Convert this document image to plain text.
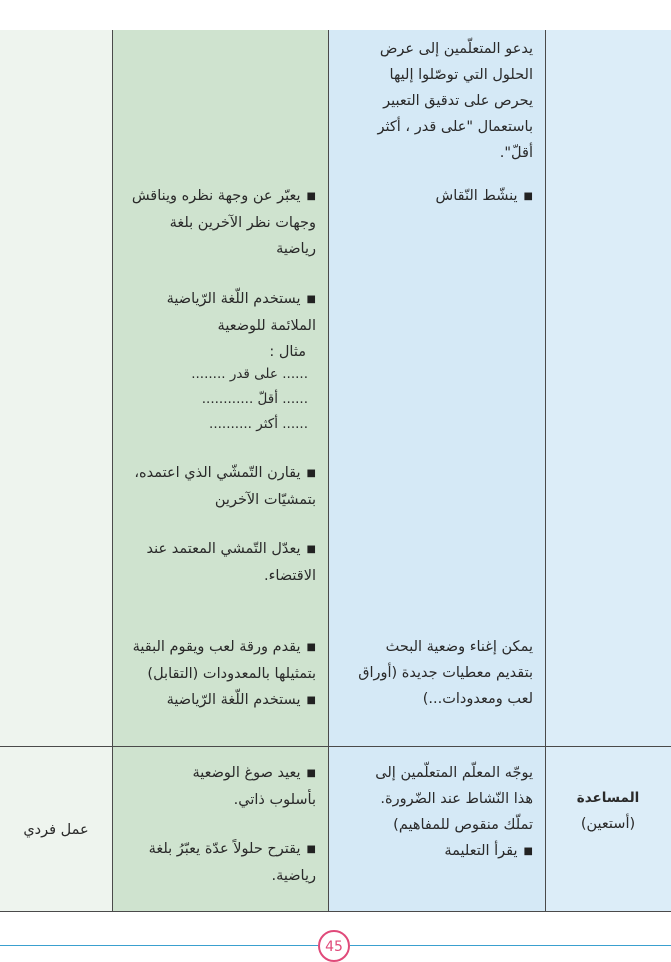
يدعو المتعلّمين إلى عرض
الحلول التي توصّلوا إليها
يحرص على تدقيق التعبير
باستعمال "على قدر ، أكثر
أقلّ".
■ ينشّط النّقاش
يمكن إغناء وضعية البحث
بتقديم معطيات جديدة (أوراق
لعب ومعدودات...)
■ يعبّر عن وجهة نظره ويناقش
وجهات نظر الآخرين بلغة
رياضية
■ يستخدم اللّغة الرّياضية
الملائمة للوضعية
مثال :
...... على قدر ........
...... أقلّ ............
...... أكثر ..........
■ يقارن التّمشّي الذي اعتمده،
بتمشيّات الآخرين
■ يعدّل التّمشي المعتمد عند
الاقتضاء.
■ يقدم ورقة لعب ويقوم البقية
بتمثيلها بالمعدودات (التقابل)
■ يستخدم اللّغة الرّياضية
المساعدة
(أستعين)
يوجّه المعلّم المتعلّمين إلى
هذا النّشاط عند الضّرورة.
تملّك منقوص للمفاهيم)
■ يقرأ التعليمة
■ يعيد صوغ الوضعية
بأسلوب ذاتي.
■ يقترح حلولاً عدّة يعبّرُ بلغة
رياضية.
عمل فردي
45
